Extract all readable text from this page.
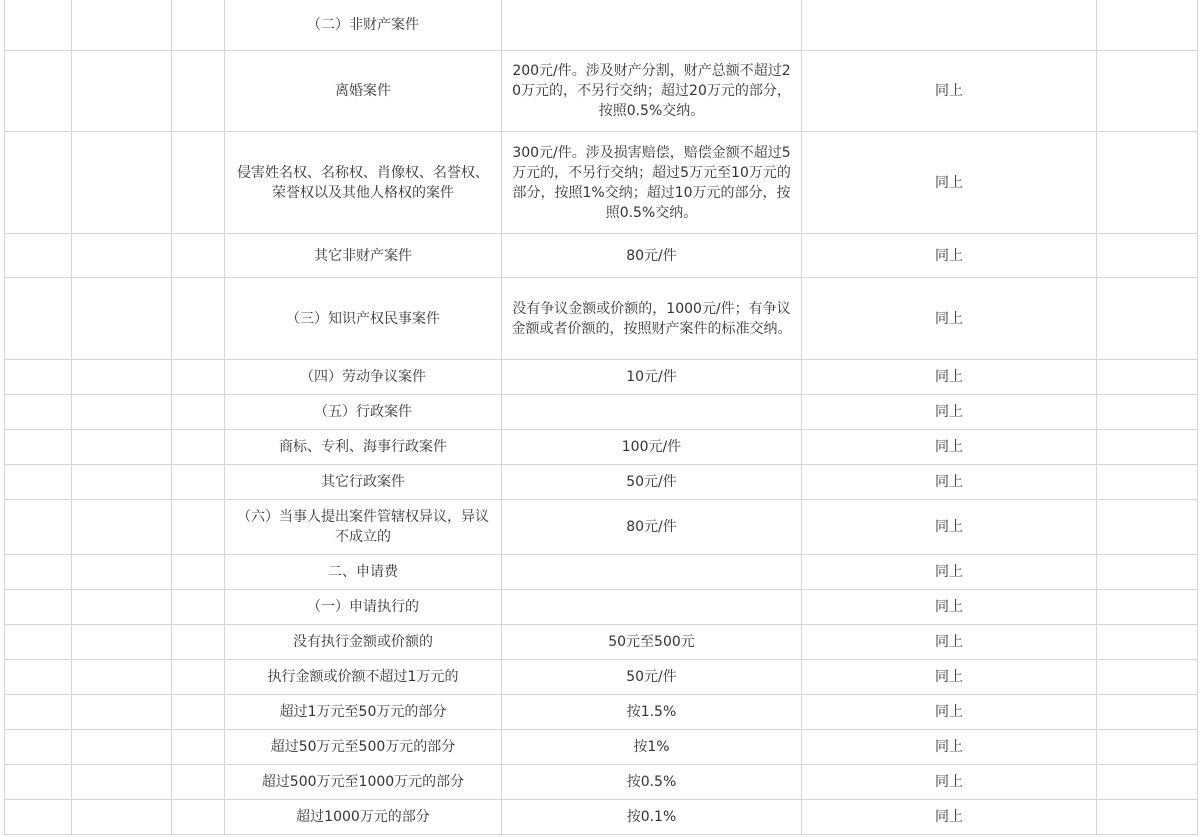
			（二）非财产案件			
			离婚案件	200元/件。涉及财产分割，财产总额不超过20万元的，不另行交纳；超过20万元的部分，按照0.5%交纳。	同上	
			侵害姓名权、名称权、肖像权、名誉权、荣誉权以及其他人格权的案件	300元/件。涉及损害赔偿，赔偿金额不超过5万元的，不另行交纳；超过5万元至10万元的部分，按照1%交纳；超过10万元的部分，按照0.5%交纳。	同上	
			其它非财产案件	80元/件	同上	
			（三）知识产权民事案件	没有争议金额或价额的，1000元/件；有争议金额或者价额的，按照财产案件的标准交纳。	同上	
			（四）劳动争议案件	10元/件	同上	
			（五）行政案件		同上	
			商标、专利、海事行政案件	100元/件	同上	
			其它行政案件	50元/件	同上	
			（六）当事人提出案件管辖权异议，异议不成立的	80元/件	同上	
			二、申请费		同上	
			（一）申请执行的		同上	
			没有执行金额或价额的	50元至500元	同上	
			执行金额或价额不超过1万元的	50元/件	同上	
			超过1万元至50万元的部分	按1.5%	同上	
			超过50万元至500万元的部分	按1%	同上	
			超过500万元至1000万元的部分	按0.5%	同上	
			超过1000万元的部分	按0.1%	同上	
